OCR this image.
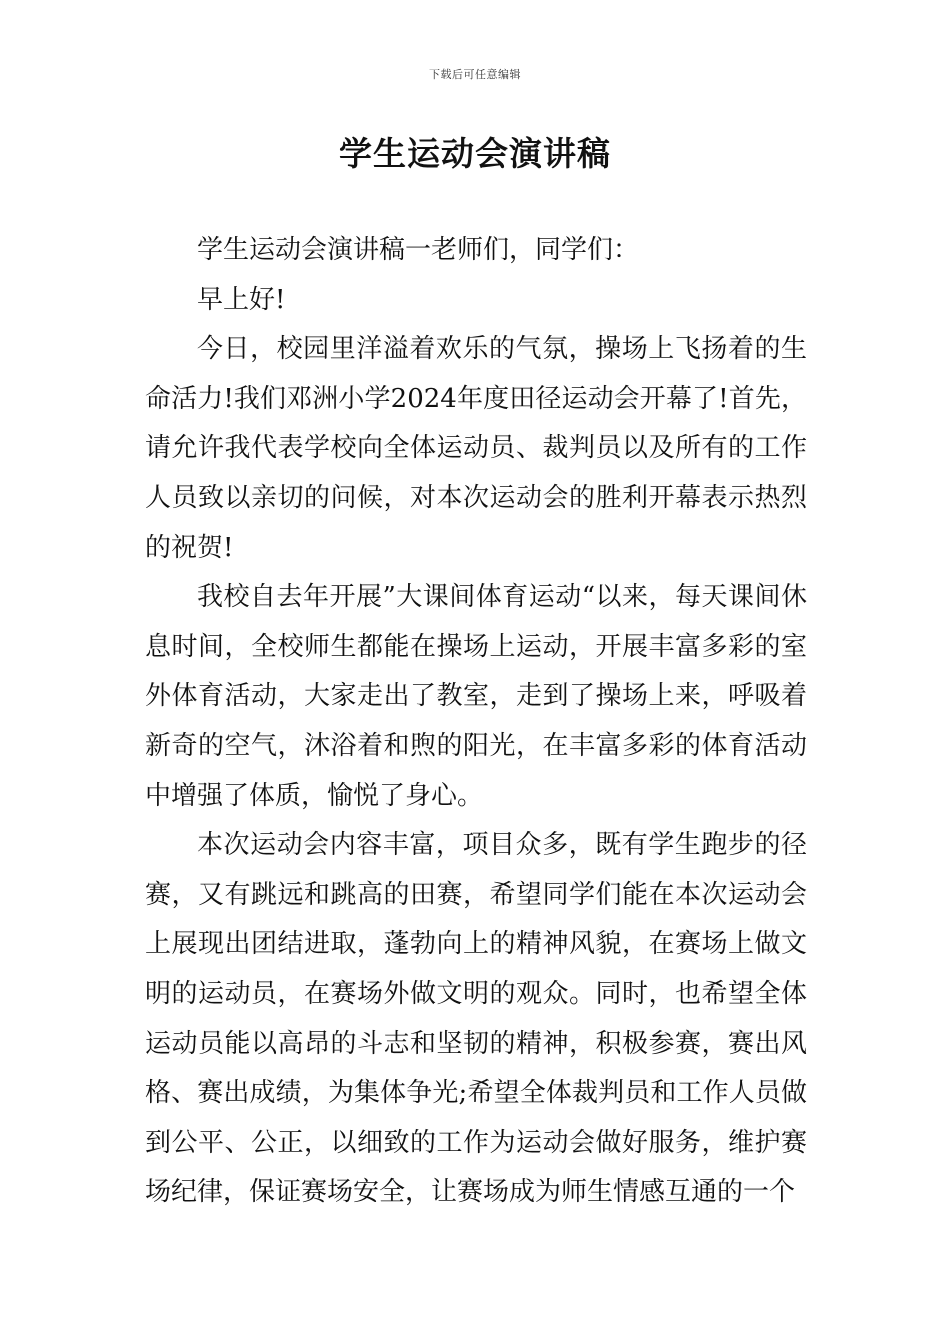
下载后可任意编辑
学生运动会演讲稿

学生运动会演讲稿一老师们，同学们：

早上好!

今日，校园里洋溢着欢乐的气氛，操场上飞扬着的生命活力!我们邓洲小学2024年度田径运动会开幕了!首先，请允许我代表学校向全体运动员、裁判员以及所有的工作人员致以亲切的问候，对本次运动会的胜利开幕表示热烈的祝贺!

我校自去年开展”大课间体育运动“以来，每天课间休息时间，全校师生都能在操场上运动，开展丰富多彩的室外体育活动，大家走出了教室，走到了操场上来，呼吸着新奇的空气，沐浴着和煦的阳光，在丰富多彩的体育活动中增强了体质，愉悦了身心。

本次运动会内容丰富，项目众多，既有学生跑步的径赛，又有跳远和跳高的田赛，希望同学们能在本次运动会上展现出团结进取，蓬勃向上的精神风貌，在赛场上做文明的运动员，在赛场外做文明的观众。同时，也希望全体运动员能以高昂的斗志和坚韧的精神，积极参赛，赛出风格、赛出成绩，为集体争光;希望全体裁判员和工作人员做到公平、公正，以细致的工作为运动会做好服务，维护赛场纪律，保证赛场安全，让赛场成为师生情感互通的一个
